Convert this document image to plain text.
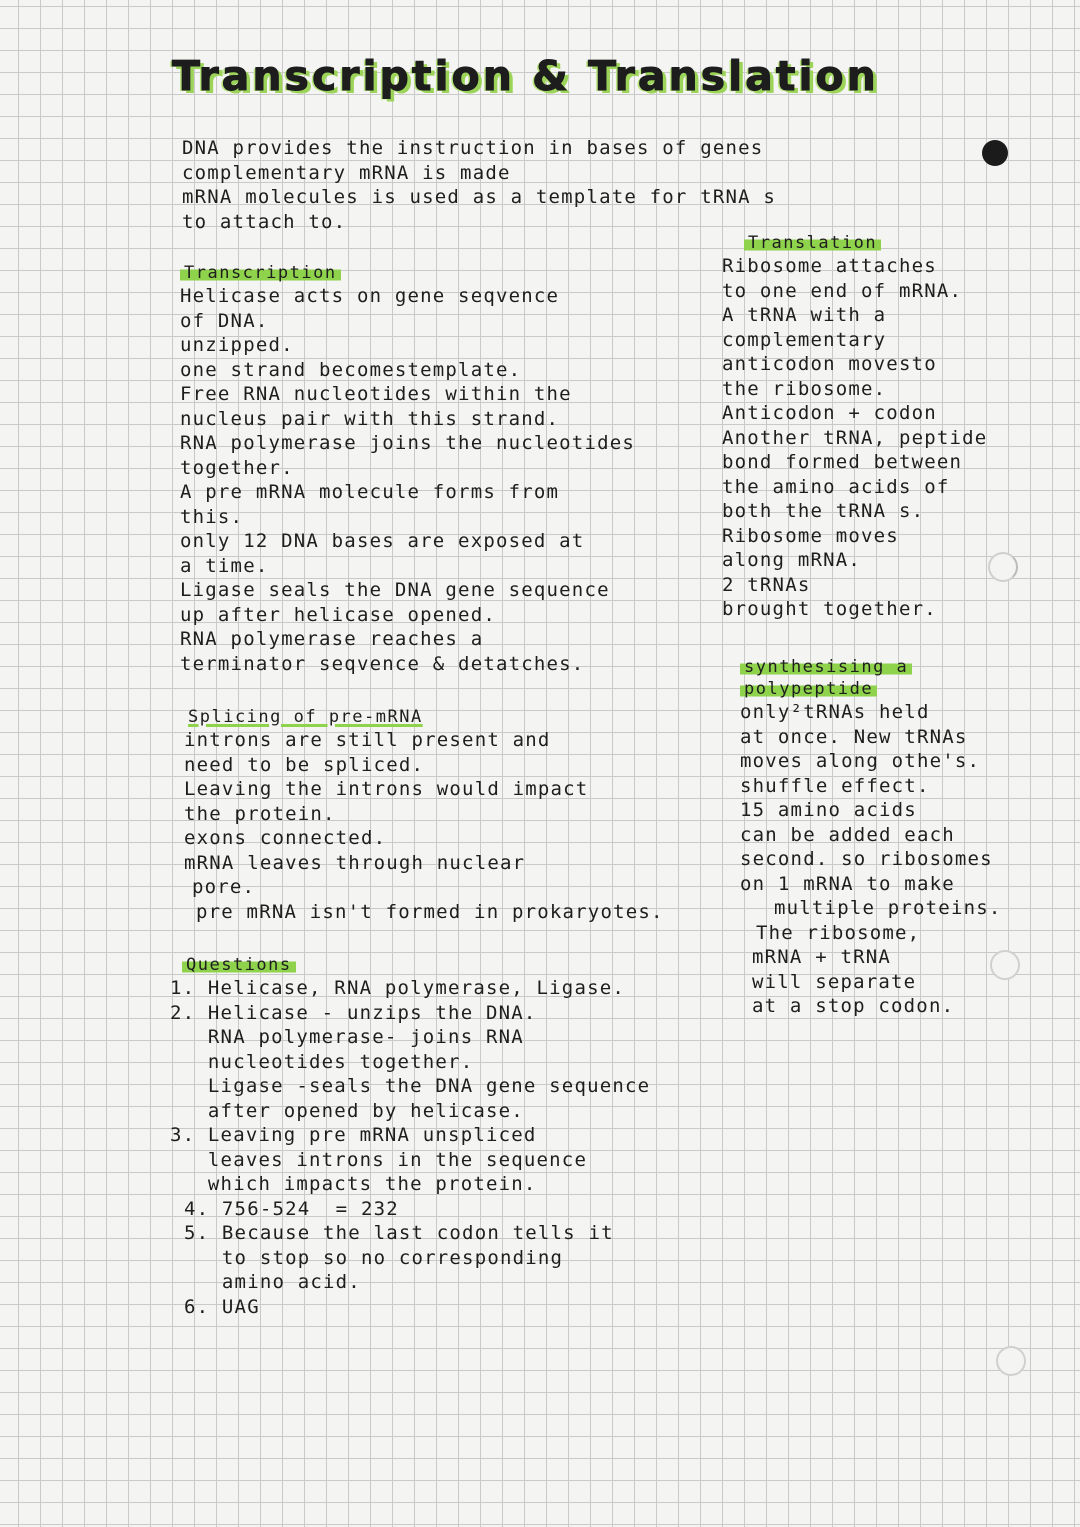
Transcription & Translation
DNA provides the instruction in bases of genes
complementary mRNA is made
mRNA molecules is used as a template for tRNA s
to attach to.
Transcription
Helicase acts on gene seqvence
of DNA.
unzipped.
one strand becomestemplate.
Free RNA nucleotides within the
nucleus pair with this strand.
RNA polymerase joins the nucleotides
together.
A pre mRNA molecule forms from
this.
only 12 DNA bases are exposed at
a time.
Ligase seals the DNA gene sequence
up after helicase opened.
RNA polymerase reaches a
terminator seqvence & detatches.
Translation
Ribosome attaches
to one end of mRNA.
A tRNA with a
complementary
anticodon movesto
the ribosome.
Anticodon + codon
Another tRNA, peptide
bond formed between
the amino acids of
both the tRNA s.
Ribosome moves
along mRNA.
2 tRNAs
brought together.
synthesising a
polypeptide
only²tRNAs held
at once. New tRNAs
moves along othe's.
shuffle effect.
15 amino acids
can be added each
second. so ribosomes
on 1 mRNA to make
multiple proteins.
The ribosome,
mRNA + tRNA
will separate
at a stop codon.
Splicing of pre-mRNA
introns are still present and
need to be spliced.
Leaving the introns would impact
the protein.
exons connected.
mRNA leaves through nuclear
pore.
pre mRNA isn't formed in prokaryotes.
Questions
1. Helicase, RNA polymerase, Ligase.
2. Helicase - unzips the DNA.
RNA polymerase- joins RNA
nucleotides together.
Ligase -seals the DNA gene sequence
after opened by helicase.
3. Leaving pre mRNA unspliced
leaves introns in the sequence
which impacts the protein.
4. 756-524  = 232
5. Because the last codon tells it
to stop so no corresponding
amino acid.
6. UAG
